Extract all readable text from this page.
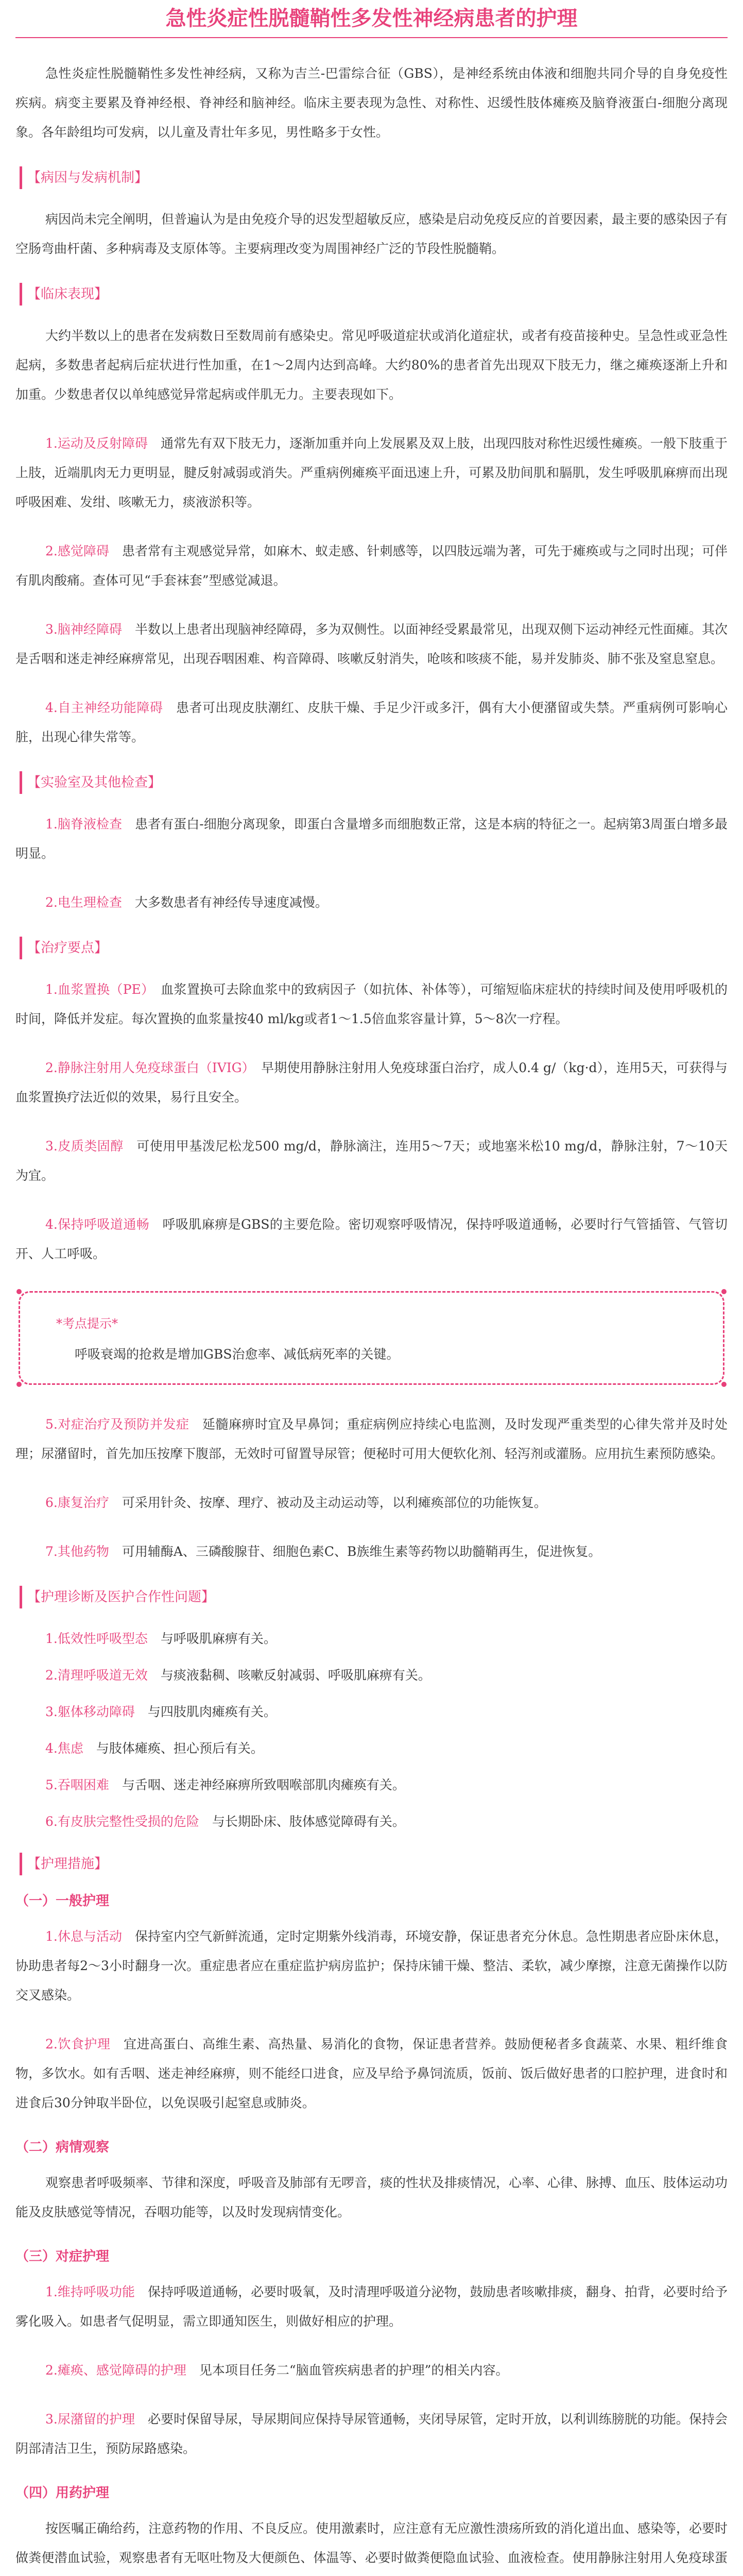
急性炎症性脱髓鞘性多发性神经病患者的护理

急性炎症性脱髓鞘性多发性神经病，又称为吉兰-巴雷综合征（GBS），是神经系统由体液和细胞共同介导的自身免疫性疾病。病变主要累及脊神经根、脊神经和脑神经。临床主要表现为急性、对称性、迟缓性肢体瘫痪及脑脊液蛋白-细胞分离现象。各年龄组均可发病，以儿童及青壮年多见，男性略多于女性。

【病因与发病机制】

病因尚未完全阐明，但普遍认为是由免疫介导的迟发型超敏反应，感染是启动免疫反应的首要因素，最主要的感染因子有空肠弯曲杆菌、多种病毒及支原体等。主要病理改变为周围神经广泛的节段性脱髓鞘。

【临床表现】

大约半数以上的患者在发病数日至数周前有感染史。常见呼吸道症状或消化道症状，或者有疫苗接种史。呈急性或亚急性起病，多数患者起病后症状进行性加重，在1～2周内达到高峰。大约80%的患者首先出现双下肢无力，继之瘫痪逐渐上升和加重。少数患者仅以单纯感觉异常起病或伴肌无力。主要表现如下。

1.运动及反射障碍　 通常先有双下肢无力，逐渐加重并向上发展累及双上肢，出现四肢对称性迟缓性瘫痪。一般下肢重于上肢，近端肌肉无力更明显，腱反射减弱或消失。严重病例瘫痪平面迅速上升，可累及肋间肌和膈肌，发生呼吸肌麻痹而出现呼吸困难、发绀、咳嗽无力，痰液淤积等。

2.感觉障碍　 患者常有主观感觉异常，如麻木、蚁走感、针刺感等，以四肢远端为著，可先于瘫痪或与之同时出现；可伴有肌肉酸痛。查体可见“手套袜套”型感觉减退。

3.脑神经障碍　 半数以上患者出现脑神经障碍，多为双侧性。以面神经受累最常见，出现双侧下运动神经元性面瘫。其次是舌咽和迷走神经麻痹常见，出现吞咽困难、构音障碍、咳嗽反射消失，呛咳和咳痰不能，易并发肺炎、肺不张及窒息窒息。

4.自主神经功能障碍　 患者可出现皮肤潮红、皮肤干燥、手足少汗或多汗，偶有大小便潴留或失禁。严重病例可影响心脏，出现心律失常等。

【实验室及其他检查】

1.脑脊液检查　 患者有蛋白-细胞分离现象，即蛋白含量增多而细胞数正常，这是本病的特征之一。起病第3周蛋白增多最明显。

2.电生理检查　 大多数患者有神经传导速度减慢。

【治疗要点】

1.血浆置换（PE）　 血浆置换可去除血浆中的致病因子（如抗体、补体等），可缩短临床症状的持续时间及使用呼吸机的时间，降低并发症。每次置换的血浆量按40 ml/kg或者1～1.5倍血浆容量计算，5～8次一疗程。

2.静脉注射用人免疫球蛋白（IVIG）　 早期使用静脉注射用人免疫球蛋白治疗，成人0.4 g/（kg·d），连用5天，可获得与血浆置换疗法近似的效果，易行且安全。

3.皮质类固醇　 可使用甲基泼尼松龙500 mg/d，静脉滴注，连用5～7天；或地塞米松10 mg/d，静脉注射，7～10天为宜。

4.保持呼吸道通畅　 呼吸肌麻痹是GBS的主要危险。密切观察呼吸情况，保持呼吸道通畅，必要时行气管插管、气管切开、人工呼吸。

*考点提示*
呼吸衰竭的抢救是增加GBS治愈率、减低病死率的关键。

5.对症治疗及预防并发症　 延髓麻痹时宜及早鼻饲；重症病例应持续心电监测，及时发现严重类型的心律失常并及时处理；尿潴留时，首先加压按摩下腹部，无效时可留置导尿管；便秘时可用大便软化剂、轻泻剂或灌肠。应用抗生素预防感染。

6.康复治疗　 可采用针灸、按摩、理疗、被动及主动运动等，以利瘫痪部位的功能恢复。

7.其他药物　 可用辅酶A、三磷酸腺苷、细胞色素C、B族维生素等药物以助髓鞘再生，促进恢复。

【护理诊断及医护合作性问题】

1.低效性呼吸型态　 与呼吸肌麻痹有关。

2.清理呼吸道无效　 与痰液黏稠、咳嗽反射减弱、呼吸肌麻痹有关。

3.躯体移动障碍　 与四肢肌肉瘫痪有关。

4.焦虑　 与肢体瘫痪、担心预后有关。

5.吞咽困难　 与舌咽、迷走神经麻痹所致咽喉部肌肉瘫痪有关。

6.有皮肤完整性受损的危险　 与长期卧床、肢体感觉障碍有关。

【护理措施】
（一）一般护理

1.休息与活动　 保持室内空气新鲜流通，定时定期紫外线消毒，环境安静，保证患者充分休息。急性期患者应卧床休息，协助患者每2～3小时翻身一次。重症患者应在重症监护病房监护；保持床铺干燥、整洁、柔软，减少摩擦，注意无菌操作以防交叉感染。

2.饮食护理　 宜进高蛋白、高维生素、高热量、易消化的食物，保证患者营养。鼓励便秘者多食蔬菜、水果、粗纤维食物，多饮水。如有舌咽、迷走神经麻痹，则不能经口进食，应及早给予鼻饲流质，饭前、饭后做好患者的口腔护理，进食时和进食后30分钟取半卧位，以免误吸引起窒息或肺炎。

（二）病情观察

观察患者呼吸频率、节律和深度，呼吸音及肺部有无啰音，痰的性状及排痰情况，心率、心律、脉搏、血压、肢体运动功能及皮肤感觉等情况，吞咽功能等，以及时发现病情变化。

（三）对症护理

1.维持呼吸功能　 保持呼吸道通畅，必要时吸氧，及时清理呼吸道分泌物，鼓励患者咳嗽排痰，翻身、拍背，必要时给予雾化吸入。如患者气促明显，需立即通知医生，则做好相应的护理。

2.瘫痪、感觉障碍的护理　 见本项目任务二“脑血管疾病患者的护理”的相关内容。

3.尿潴留的护理　 必要时保留导尿，导尿期间应保持导尿管通畅，夹闭导尿管，定时开放，以利训练膀胱的功能。保持会阴部清洁卫生，预防尿路感染。

（四）用药护理

按医嘱正确给药，注意药物的作用、不良反应。使用激素时，应注意有无应激性溃疡所致的消化道出血、感染等，必要时做粪便潜血试验，观察患者有无呕吐物及大便颜色、体温等、必要时做粪便隐血试验、血液检查。使用静脉注射用人免疫球蛋
